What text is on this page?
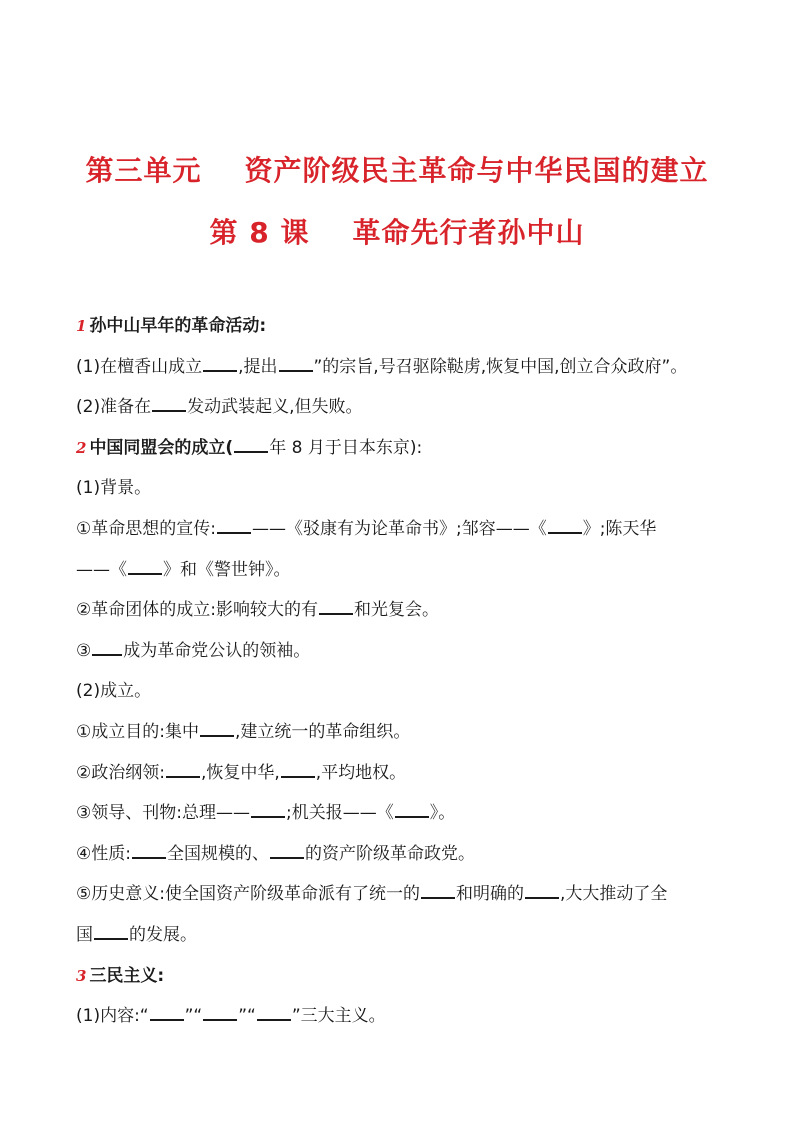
第三单元    资产阶级民主革命与中华民国的建立
第 8 课    革命先行者孙中山
1 孙中山早年的革命活动:
(1)在檀香山成立 ,提出 ”的宗旨,号召驱除鞑虏,恢复中国,创立合众政府”。
(2)准备在 发动武装起义,但失败。
2 中国同盟会的成立( 年 8 月于日本东京):
(1)背景。
①革命思想的宣传: ——《驳康有为论革命书》;邹容——《 》;陈天华
——《 》和《警世钟》。
②革命团体的成立:影响较大的有 和光复会。
③ 成为革命党公认的领袖。
(2)成立。
①成立目的:集中 ,建立统一的革命组织。
②政治纲领: ,恢复中华, ,平均地权。
③领导、刊物:总理—— ;机关报——《 》。
④性质: 全国规模的、 的资产阶级革命政党。
⑤历史意义:使全国资产阶级革命派有了统一的 和明确的 ,大大推动了全
国 的发展。
3 三民主义:
(1)内容:“ ”“ ”“ ”三大主义。
